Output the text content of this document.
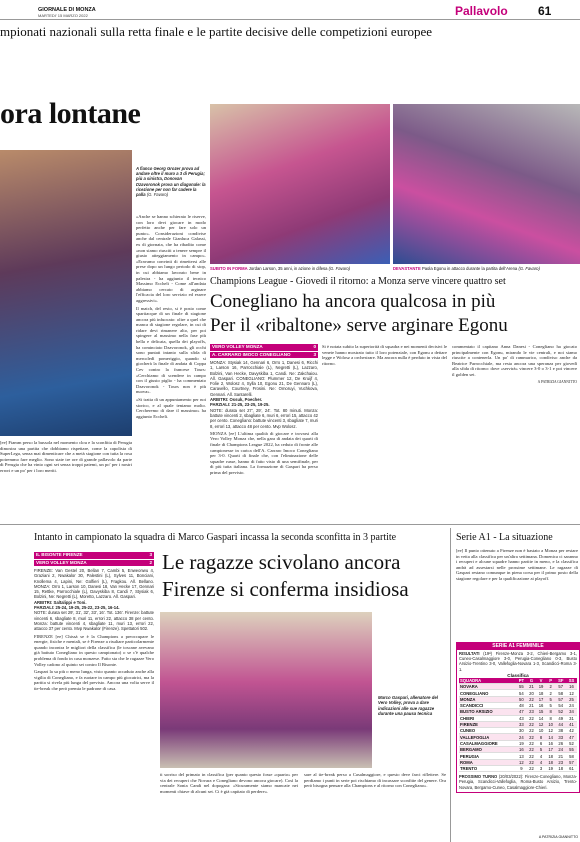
GIORNALE DI MONZA
MARTEDI' 15 MARZO 2022	Pallavolo	61
mpionati nazionali sulla retta finale e le partite decisive delle competizioni europee
ora lontane
A fianco Georg Grozer prova ad andare oltre il muro a 3 di Perugia; più a sinistra, Donovan Dzavoronok prova un diagonale: la ricezione per non far cadere la palla (G. Favaro)

«Anche se hanno schierato le riserve, con loro devi giocare in modo perfetto anche per fare solo un punto». Considerazioni condivise anche dal centrale Gianluca Galassi, ex di giornata, che ha ribadito come «non siamo riusciti a tenere sempre il giusto atteggiamento in campo». «Eravamo convinti di rimettersi alle prese dopo un lungo periodo di stop, in cui abbiamo lavorato bene in palestra - ha aggiunto il tecnico Massimo Eccheli - Come all'andata abbiamo cercato di arginare l'efficacia del loro servizio ed essere aggressivi».

Il match, del resto, si è posto come spartiacque di un finale di stagione ancora più infuocato: oltre a quel che manca di stagione regolare, in cui di ridare devi rimanere alto, per poi spingere al massimo nella fase più bella e delicata, quella dei playoffs, ha cominciato Dzavoronok, gli occhi sono puntati intanto sulla sfida di mercoledì pomeriggio, quando si giocherà la finale di andata di Coppa Cev contro la francese Tours: «Cerchiamo di scendere in campo con il giusto piglio - ha commentato Dzavoronok - Tours non è più nuova».

«Si tratta di un appuntamento per noi storico, e al quale teniamo molto. Cercheremo di dare il massimo» ha aggiunto Eccheli.

[ee] Fiamm perso la bussola nel momento clou e la sconfitta di Perugia dimostra una partita che dobbiamo rispettare, come la capolista di SuperLega, senza mai dimenticare che a metà stagione con tutta la rosa potremmo fare meglio. Sono state tre ore di grande pallavolo da parte di Perugia che ha vinto ogni set senza troppi patemi, un po' per i nostri errori e un po' per i loro meriti.
SUBITO IN FORMA Jordan Larson, 35 anni, in azione in difesa (G. Favaro)	DEVASTANTE Paola Egonu in attacco durante la partita dell'Arena (G. Favaro)
Champions League - Giovedì il ritorno: a Monza serve vincere quattro set
Conegliano ha ancora qualcosa in più
Per il «ribaltone» serve arginare Egonu
VERO VOLLEY MONZA	0
A. CARRARO IMOCO CONEGLIANO	3

MONZA: Stysiak 14, Gennari 6, Orro 1, Danesi 6, Ricchi 1, Larson 16, Parrocchiale (L), Negretti (L), Lazzaro, Bolzini, Van Hecke, Davyskiba 1, Candi. Ne: Zakchaiou. All. Gaspari. CONEGLIANO: Plummer 12, De Kruijf 4, Folie 2, Wolosz 4, Sylla 10, Egonu 21, De Gennaro (L), Caravello, Courtney, Frosini. Ne: Omoruyi, Vuchkova, Gennari. All. Santarelli.

ARBITRI: Ossuk, Poecher.

PARZIALI: 21-25, 23-25, 19-25.

NOTE: durata set 27', 29', 24'. Tot. 80 minuti. Monza: battute vincenti 2, sbagliate 6, muri 6, errori 15, attacco 42 per cento. Conegliano: battute vincenti 3, sbagliate 7, muri 8, errori 13, attacco 48 per cento. Mvp Wolosz.

MONZA [ee] L'ultima qualità di giocare e trovarsi alla Vero Volley Monza che, nella gara di andata dei quarti di finale di Champions League 2022, ha ceduto di fronte alle campionesse in carica dell'A. Carraro Imoco Conegliano per 3-0. Quarti di finale che, con l'eliminazione delle squadre russe, hanno di fatto visto di una semifinale, per di più tutta italiana. La formazione di Gaspari ha perso prima del previsto.
Si è notata subito la superiorità di squadra e nei momenti decisivi le venete hanno mostrato tutto il loro potenziale, con Egonu a dettare legge e Wolosz a orchestrare. Ma ancora nulla è perduto in vista del ritorno.
commentato il capitano Anna Danesi - Conegliano ha giocato principalmente con Egonu, mirando le vie centrali, e noi siamo riuscite a contenerla. Un po' di rammarico, condiviso anche da Beatrice Parrocchiale, ma resta ancora una speranza per giovedì alla sfida di ritorno: dove «servirà» vincere 3-0 o 3-1 e poi vincere il golden set.
A PATRIZIA GIANNITTO
Intanto in campionato la squadra di Marco Gaspari incassa la seconda sconfitta in 3 partite
IL BISONTE FIRENZE	3
VERO VOLLEY MONZA	2

FIRENZE: Van Gestel 20, Bellan 7, Cambi 5, Enweonwu 4, Graziani 2, Nwakalor 30, Palestini (L), Sylves 11, Bonciani, Knollema 4, Lapini, Ne: Golfieri (L), Fragkou. All. Bellano. MONZA: Orro 1, Larson 10, Danesi 18, Van Hecke 17, Gennari 15, Rettke, Parrocchiale (L), Davyskiba 8, Candi 7, Stysiak 6, Bolzini, Ne: Negretti (L), Moretto, Lazzaro. All. Gaspari.

ARBITRI: Saltalippi e Toni.

PARZIALI: 25-24, 19-25, 25-22, 23-25, 16-14.

NOTE: durata set 29', 31', 32', 33', 16'. Tot. 136'. Firenze: battute vincenti 6, sbagliate 8, muri 11, errori 22, attacco 38 per cento. Monza: battute vincenti 4, sbagliate 11, muri 13, errori 22, attacco 37 per cento. Mvp Nwakalor (Firenze). Spettatori 502.

FIRENZE [ee] Chissà se è la Champions a preoccupare le energie, fisiche e mentali, se è Firenze a risultare particolarmente quando incontra le migliori della classifica (le toscane avevano già battuto Conegliano in questo campionato) o se c'è qualche problema di fondo in casa monzese. Fatto sta che le ragazze Vero Volley cadono al quinto set contro Il Bisonte.
Gaspari la sa più o meno lunga, visto quanto accaduto anche alla vigilia di Conegliano, e fa ruotare in campo più giocatrici, ma la partita si rivela più lunga del previsto. Ancora una volta serve il tie-break che però premia le padrone di casa.
Le ragazze scivolano ancora
Firenze si conferma insidiosa
Marco Gaspari, allenatore del Vero Volley, prova a dare indicazioni alle sue ragazze durante una pausa tecnica
ti sorriso del primato in classifica (per quanto questo fosse «quarto» per via dei recuperi che Novara e Conegliano devono ancora giocare). Così la centrale Sonia Candi nel dopogara: «Sicuramente siamo mancate nei momenti chiave di alcuni set. Ci è già capitato di perdere».
sare al tie-break perso a Casalmaggiore, e questo deve farci riflettere. Se perdiamo i punti in serie poi rischiamo di incassare sconfitte del genere. Ora però bisogna pensare alla Champions e al ritorno con Conegliano».
Serie A1 - La situazione
[ee] Il punto ottenuto a Firenze non è bastato a Monza per restare in vetta alla classifica per un'altra settimana. Domenica ci saranno i recuperi e alcune squadre hanno partite in meno, e la classifica andrà ad assestarsi nelle prossime settimane. Le ragazze di Gaspari restano comunque in piena corsa per il primo posto della stagione regolare e per la qualificazione ai playoff.
SERIE A1 FEMMINILE
RISULTATI (19ª) Firenze-Monza 3-2, Chieri-Bergamo 3-1, Cuneo-Casalmaggiore 3-0, Perugia-Conegliano 0-3, Busto Arsizio-Trentino 3-0, Vallefoglia-Novara 1-3, Scandicci-Roma 3-1.
Classifica
SQUADRA	PT	G	V	P	SF	SS
NOVARA	55	21	19	2	57	16
CONEGLIANO	54	20	18	2	58	12
MONZA	50	22	17	5	57	25
SCANDICCI	48	21	16	5	54	24
BUSTO ARSIZIO	47	23	15	8	52	34
CHIERI	43	22	14	8	49	31
FIRENZE	33	22	12	10	44	41
CUNEO	30	22	10	12	38	42
VALLEFOGLIA	24	22	8	14	33	47
CASALMAGGIORE	19	22	6	16	26	52
BERGAMO	16	22	5	17	24	55
PERUGIA	13	22	4	18	21	58
ROMA	12	22	4	18	23	57
TRENTO	9	22	3	19	18	61
PROSSIMO TURNO (20/03/2022): Firenze-Conegliano, Monza-Perugia, Scandicci-Vallefoglia, Roma-Busto Arsizio, Trento-Novara, Bergamo-Cuneo, Casalmaggiore-Chieri.
A PATRIZIA GIANNITTO
